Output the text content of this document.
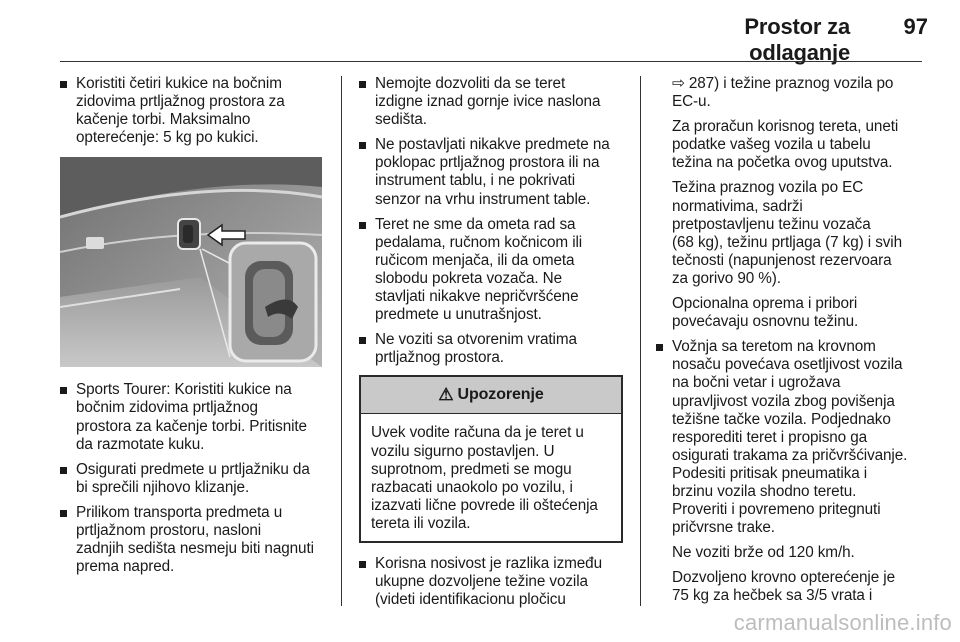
Prostor za odlaganje
97
Koristiti četiri kukice na bočnim
zidovima prtljažnog prostora za
kačenje torbi. Maksimalno
opterećenje: 5 kg po kukici.
Sports Tourer: Koristiti kukice na
bočnim zidovima prtljažnog
prostora za kačenje torbi. Pritisnite
da razmotate kuku.
Osigurati predmete u prtljažniku da
bi sprečili njihovo klizanje.
Prilikom transporta predmeta u
prtljažnom prostoru, nasloni
zadnjih sedišta nesmeju biti nagnuti
prema napred.
Nemojte dozvoliti da se teret
izdigne iznad gornje ivice naslona
sedišta.
Ne postavljati nikakve predmete na
poklopac prtljažnog prostora ili na
instrument tablu, i ne pokrivati
senzor na vrhu instrument table.
Teret ne sme da ometa rad sa
pedalama, ručnom kočnicom ili
ručicom menjača, ili da ometa
slobodu pokreta vozača. Ne
stavljati nikakve nepričvršćene
predmete u unutrašnjost.
Ne voziti sa otvorenim vratima
prtljažnog prostora.
⚠ Upozorenje
Uvek vodite računa da je teret u
vozilu sigurno postavljen. U
suprotnom, predmeti se mogu
razbacati unaokolo po vozilu, i
izazvati lične povrede ili oštećenja
tereta ili vozila.
Korisna nosivost je razlika između
ukupne dozvoljene težine vozila
(videti identifikacionu pločicu
⇨ 287) i težine praznog vozila po
EC-u.
Za proračun korisnog tereta, uneti
podatke vašeg vozila u tabelu
težina na početka ovog uputstva.
Težina praznog vozila po EC
normativima, sadrži
pretpostavljenu težinu vozača
(68 kg), težinu prtljaga (7 kg) i svih
tečnosti (napunjenost rezervoara
za gorivo 90 %).
Opcionalna oprema i pribori
povećavaju osnovnu težinu.
Vožnja sa teretom na krovnom
nosaču povećava osetljivost vozila
na bočni vetar i ugrožava
upravljivost vozila zbog povišenja
težišne tačke vozila. Podjednako
resporediti teret i propisno ga
osigurati trakama za pričvršćivanje.
Podesiti pritisak pneumatika i
brzinu vozila shodno teretu.
Proveriti i povremeno pritegnuti
pričvrsne trake.
Ne voziti brže od 120 km/h.
Dozvoljeno krovno opterećenje je
75 kg za hečbek sa 3/5 vrata i
carmanualsonline.info
